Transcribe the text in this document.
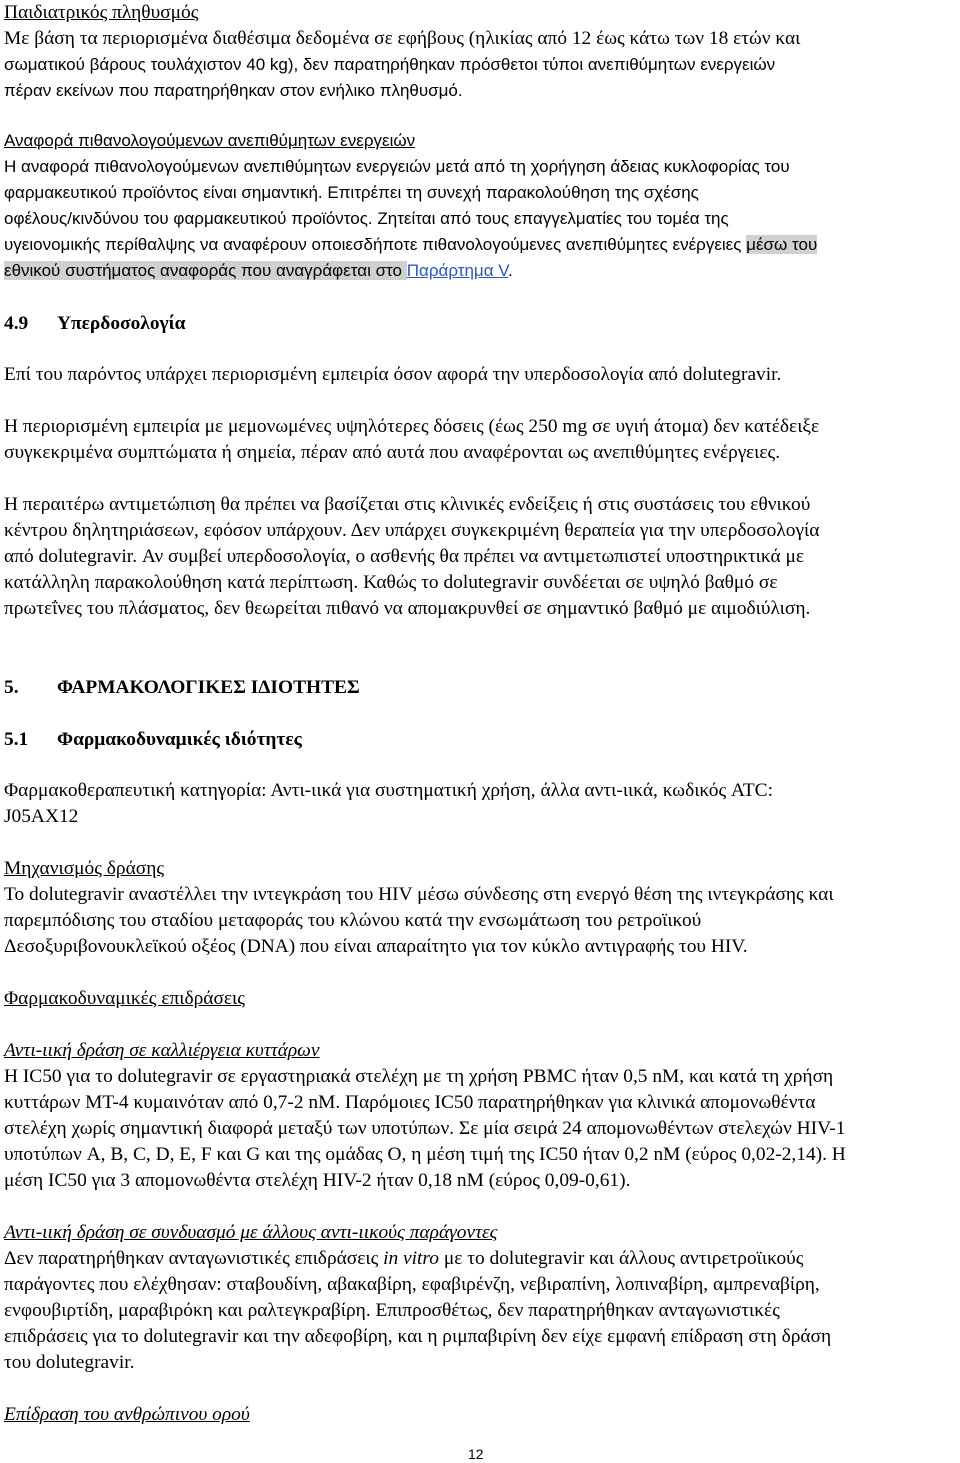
Παιδιατρικός πληθυσμός
Με βάση τα περιορισμένα διαθέσιμα δεδομένα σε εφήβους (ηλικίας από 12 έως κάτω των 18 ετών και
σωματικού βάρους τουλάχιστον 40 kg), δεν παρατηρήθηκαν πρόσθετοι τύποι ανεπιθύμητων ενεργειών
πέραν εκείνων που παρατηρήθηκαν στον ενήλικο πληθυσμό.
Αναφορά πιθανολογούμενων ανεπιθύμητων ενεργειών
Η αναφορά πιθανολογούμενων ανεπιθύμητων ενεργειών μετά από τη χορήγηση άδειας κυκλοφορίας του
φαρμακευτικού προϊόντος είναι σημαντική. Επιτρέπει τη συνεχή παρακολούθηση της σχέσης
οφέλους/κινδύνου του φαρμακευτικού προϊόντος. Ζητείται από τους επαγγελματίες του τομέα της
υγειονομικής περίθαλψης να αναφέρουν οποιεσδήποτε πιθανολογούμενες ανεπιθύμητες ενέργειες μέσω του
εθνικού συστήματος αναφοράς που αναγράφεται στο Παράρτημα V.
4.9 Υπερδοσολογία
Επί του παρόντος υπάρχει περιορισμένη εμπειρία όσον αφορά την υπερδοσολογία από dolutegravir.
Η περιορισμένη εμπειρία με μεμονωμένες υψηλότερες δόσεις (έως 250 mg σε υγιή άτομα) δεν κατέδειξε
συγκεκριμένα συμπτώματα ή σημεία, πέραν από αυτά που αναφέρονται ως ανεπιθύμητες ενέργειες.
Η περαιτέρω αντιμετώπιση θα πρέπει να βασίζεται στις κλινικές ενδείξεις ή στις συστάσεις του εθνικού
κέντρου δηλητηριάσεων, εφόσον υπάρχουν. Δεν υπάρχει συγκεκριμένη θεραπεία για την υπερδοσολογία
από dolutegravir. Αν συμβεί υπερδοσολογία, ο ασθενής θα πρέπει να αντιμετωπιστεί υποστηρικτικά με
κατάλληλη παρακολούθηση κατά περίπτωση. Καθώς το dolutegravir συνδέεται σε υψηλό βαθμό σε
πρωτεΐνες του πλάσματος, δεν θεωρείται πιθανό να απομακρυνθεί σε σημαντικό βαθμό με αιμοδιύλιση.
5. ΦΑΡΜΑΚΟΛΟΓΙΚΕΣ ΙΔΙΟΤΗΤΕΣ
5.1 Φαρμακοδυναμικές ιδιότητες
Φαρμακοθεραπευτική κατηγορία: Αντι-ιικά για συστηματική χρήση, άλλα αντι-ιικά, κωδικός ATC:
J05AX12
Μηχανισμός δράσης
Το dolutegravir αναστέλλει την ιντεγκράση του HIV μέσω σύνδεσης στη ενεργό θέση της ιντεγκράσης και
παρεμπόδισης του σταδίου μεταφοράς του κλώνου κατά την ενσωμάτωση του ρετροϊικού
Δεσοξυριβονουκλεϊκού οξέος (DNA) που είναι απαραίτητο για τον κύκλο αντιγραφής του HIV.
Φαρμακοδυναμικές επιδράσεις
Αντι-ιική δράση σε καλλιέργεια κυττάρων
Η IC50 για το dolutegravir σε εργαστηριακά στελέχη με τη χρήση PBMC ήταν 0,5 nM, και κατά τη χρήση
κυττάρων MT-4 κυμαινόταν από 0,7-2 nM. Παρόμοιες IC50 παρατηρήθηκαν για κλινικά απομονωθέντα
στελέχη χωρίς σημαντική διαφορά μεταξύ των υποτύπων. Σε μία σειρά 24 απομονωθέντων στελεχών HIV-1
υποτύπων A, B, C, D, E, F και G και της ομάδας O, η μέση τιμή της IC50 ήταν 0,2 nM (εύρος 0,02-2,14). Η
μέση IC50 για 3 απομονωθέντα στελέχη HIV-2 ήταν 0,18 nM (εύρος 0,09-0,61).
Αντι-ιική δράση σε συνδυασμό με άλλους αντι-ιικούς παράγοντες
Δεν παρατηρήθηκαν ανταγωνιστικές επιδράσεις in vitro με το dolutegravir και άλλους αντιρετροϊικούς
παράγοντες που ελέχθησαν: σταβουδίνη, αβακαβίρη, εφαβιρένζη, νεβιραπίνη, λοπιναβίρη, αμπρεναβίρη,
ενφουβιρτίδη, μαραβιρόκη και ραλτεγκραβίρη. Επιπροσθέτως, δεν παρατηρήθηκαν ανταγωνιστικές
επιδράσεις για το dolutegravir και την αδεφοβίρη, και η ριμπαβιρίνη δεν είχε εμφανή επίδραση στη δράση
του dolutegravir.
Επίδραση του ανθρώπινου ορού
12
